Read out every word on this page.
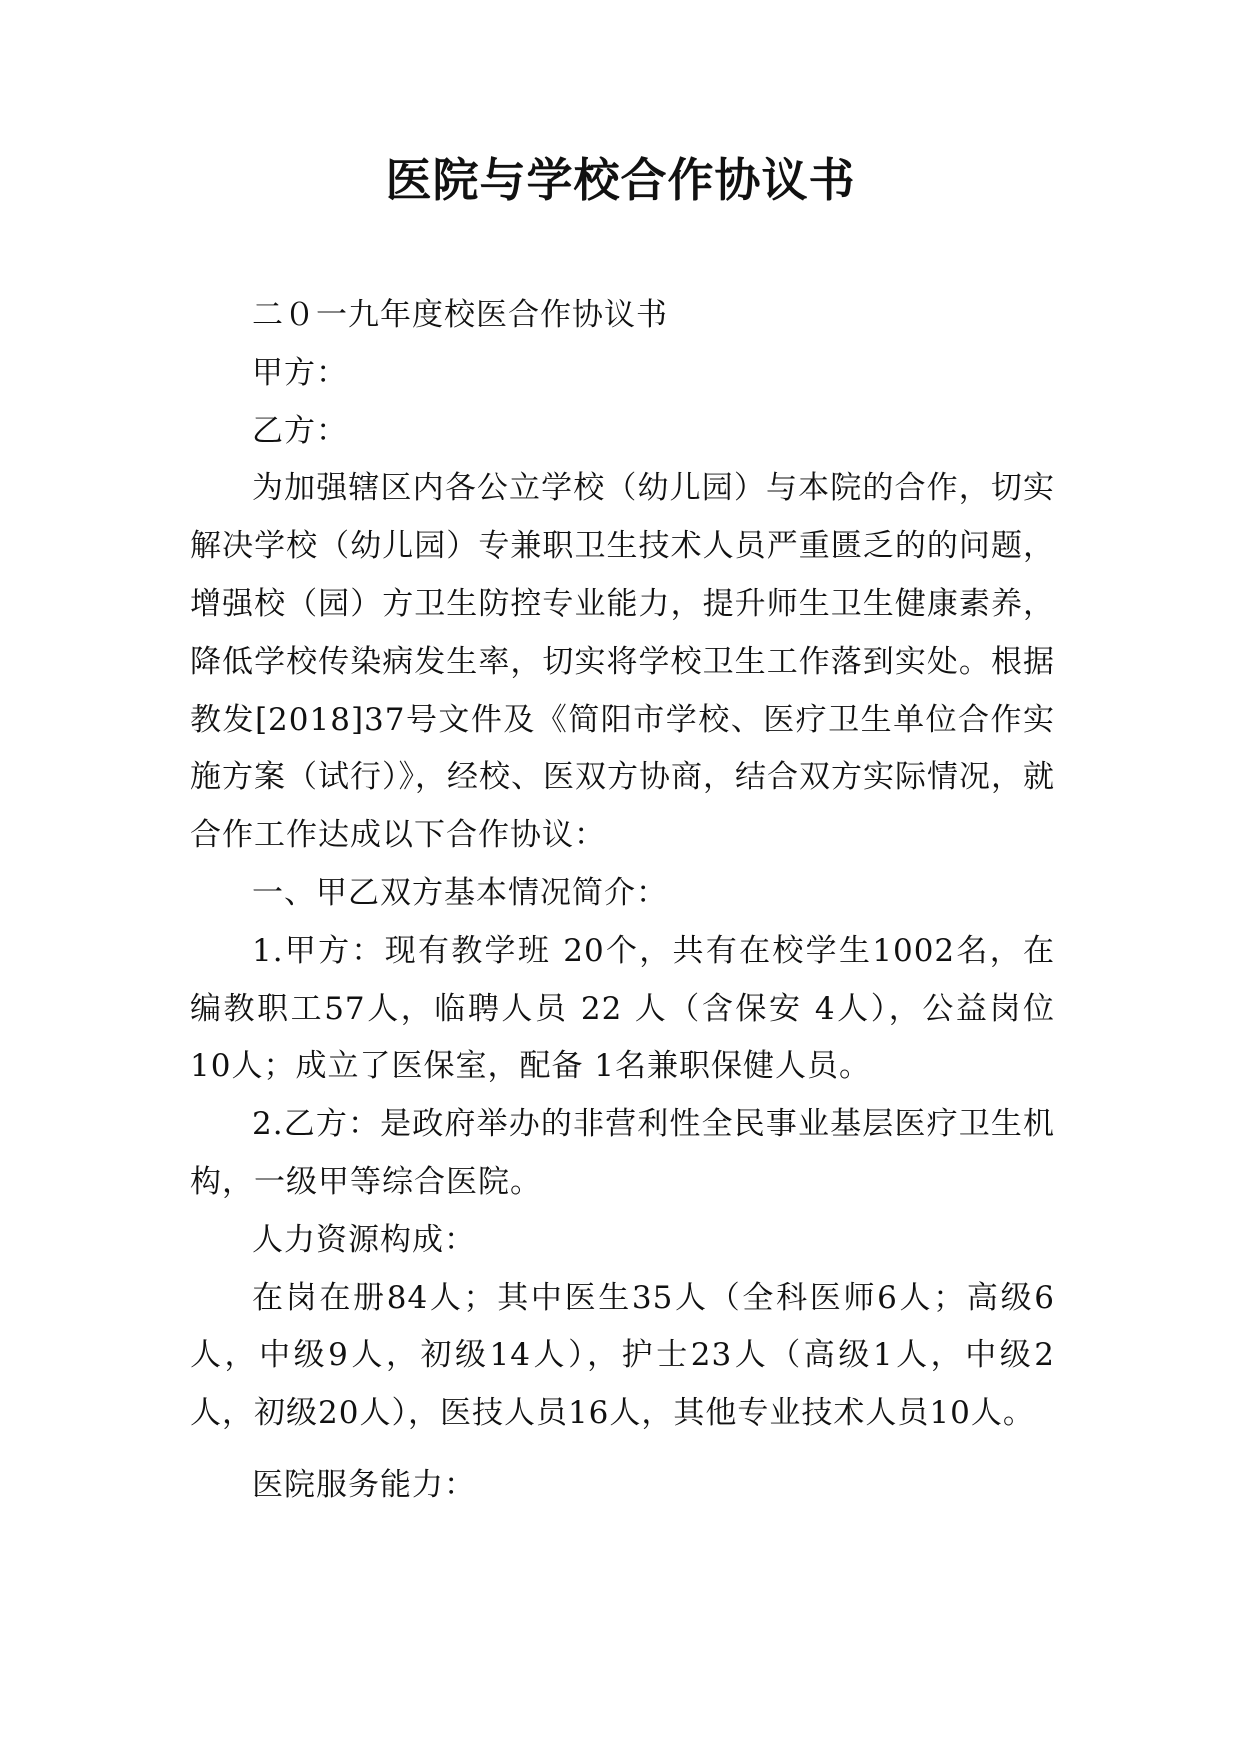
医院与学校合作协议书

二０一九年度校医合作协议书

甲方：

乙方：

为加强辖区内各公立学校（幼儿园）与本院的合作，切实解决学校（幼儿园）专兼职卫生技术人员严重匮乏的的问题，增强校（园）方卫生防控专业能力，提升师生卫生健康素养，降低学校传染病发生率，切实将学校卫生工作落到实处。根据教发[2018]37号文件及《简阳市学校、医疗卫生单位合作实施方案（试行）》，经校、医双方协商，结合双方实际情况，就合作工作达成以下合作协议：

一、甲乙双方基本情况简介：

1.甲方：现有教学班 20个，共有在校学生1002名，在编教职工57人，临聘人员 22 人（含保安 4人），公益岗位10人；成立了医保室，配备 1名兼职保健人员。

2.乙方：是政府举办的非营利性全民事业基层医疗卫生机构，一级甲等综合医院。

人力资源构成：

在岗在册84人；其中医生35人（全科医师6人；高级6人，中级9人，初级14人），护士23人（高级1人，中级2人，初级20人），医技人员16人，其他专业技术人员10人。

医院服务能力：
